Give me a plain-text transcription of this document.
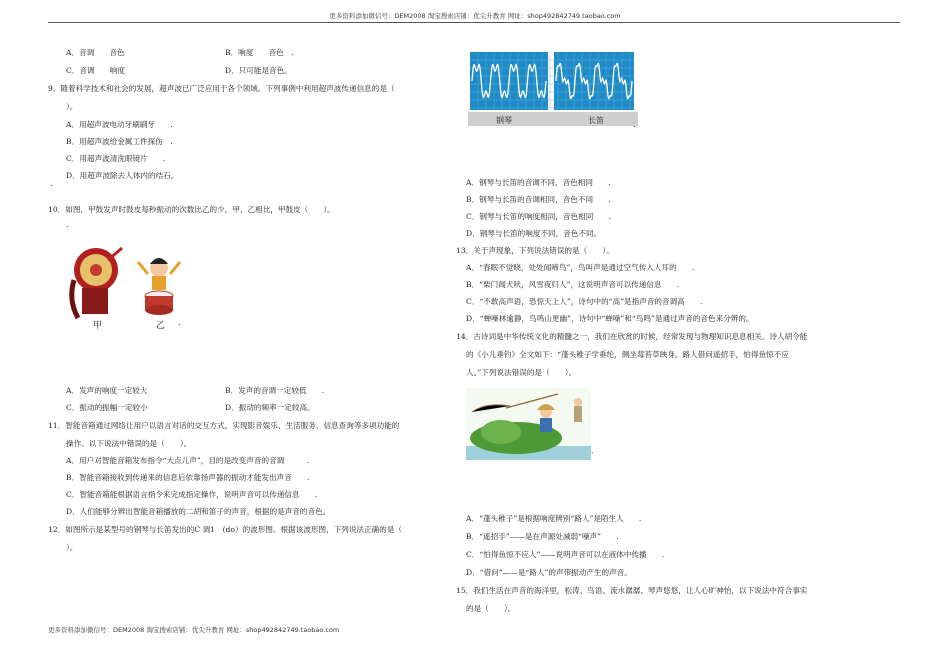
更多资料添加微信号：DEM2008 淘宝搜索店铺：优尖升教育 网址：shop492842749.taobao.com
A．音调　　音色	B．响度　　音色　.
C．音调　　响度	D．只可能是音色。
9．随着科学技术和社会的发展，超声波已广泛应用于各个领域。下列事例中利用超声波传递信息的是（
）。
A．用超声波电动牙刷刷牙　　.
B．用超声波给金属工件探伤　.
C．用超声波清洗眼镜片　　.
D．用超声波除去人体内的结石。
.
10．如图，甲鼓发声时鼓皮每秒振动的次数比乙的少，甲、乙相比，甲鼓皮（　　）。
.
甲	乙 .
A．发声的响度一定较大	B．发声的音调一定较低　　.
C．振动的振幅一定较小	D．振动的频率一定较高。
11．智能音箱通过网络让用户以语言对话的交互方式，实现影音娱乐、生活服务、信息查询等多项功能的
操作。以下说法中错误的是（　　）。
A．用户对智能音箱发布指令“大点儿声”，目的是改变声音的音调　　　.
B．智能音箱接收到传递来的信息后依靠扬声器的振动才能发出声音　　.
C．智能音箱能根据语言指令来完成指定操作，说明声音可以传递信息　　.
D．人们能够分辨出智能音箱播放的二胡和笛子的声音，根据的是声音的音色。
12．如图所示是某型号的钢琴与长笛发出的C 调1　(do）的波形图。根据该波形图，下列说法正确的是（
）。
钢琴	长笛	.
A．钢琴与长笛的音调不同，音色相同　　.
B．钢琴与长笛的音调相同，音色不同　　.
C．钢琴与长笛的响度相同，音色相同　　.
D．钢琴与长笛的响度不同，音色不同。
13．关于声现象，下列说法错误的是（　　）。
A．“春眠不觉晓，处处闻啼鸟”，鸟叫声是通过空气传入人耳的　　.
B．“柴门闻犬吠，风雪夜归人”，这说明声音可以传递信息　　.
C．“不敢高声语，恐惊天上人”，诗句中的“高”是指声音的音调高　　.
D．“蝉噪林逾静，鸟鸣山更幽”，诗句中“蝉噪”和“鸟鸣”是通过声音的音色来分辨的。
14．古诗词是中华传统文化的精髓之一，我们在欣赏的时候，经常发现与物理知识息息相关。诗人胡令能
的《小儿垂钓》全文如下：“蓬头稚子学垂纶，侧坐莓苔草映身。路人借问遥招手，怕得鱼惊不应
人。”下列说法错误的是（　　）。
.
A．“蓬头稚子”是根据响度辨别“路人”是陌生人　　.
B．“遥招手”——是在声源处减弱“噪声”　　.
C．“怕得鱼惊不应人”——说明声音可以在液体中传播　　.
D．“借问”——是“路人”的声带振动产生的声音。
15．我们生活在声音的海洋里，松涛、鸟语、流水潺潺、琴声悠悠，让人心旷神怡，以下说法中符合事实
的是（　　）。
更多资料添加微信号：DEM2008 淘宝搜索店铺：优尖升教育 网址：shop492842749.taobao.com
